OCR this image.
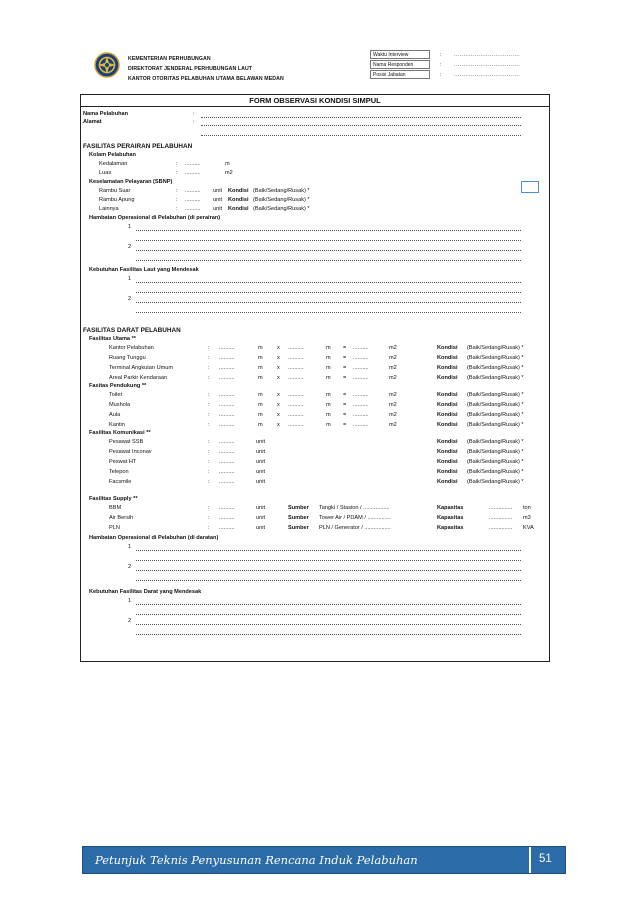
KEMENTERIAN PERHUBUNGAN
DIREKTORAT JENDERAL PERHUBUNGAN LAUT
KANTOR OTORITAS PELABUHAN UTAMA BELAWAN MEDAN
Waktu Interview	:	...................................
Nama Responden	:	...................................
Posisi Jabatan	:	...................................
FORM OBSERVASI KONDISI SIMPUL
Nama Pelabuhan	:
Alamat	:
FASILITAS PERAIRAN PELABUHAN
Kolam Pelabuhan
Kedalaman	: ..........	m
Luas	: ..........	m2
Keselamatan Pelayaran (SBNP)
Hambatan Operasional di Pelabuhan (di perairan)
1
2
Kebutuhan Fasilitas Laut yang Mendesak
1
2
FASILITAS DARAT PELABUHAN
Fasilitas Utama **
Fasitas Pendukung **
Fasilitas Komunikasi **
Fasilitas Supply **
Hambatan Operasional di Pelabuhan (di daratan)
1
2
Kebutuhan Fasilitas Darat yang Mendesak
1
2
Rambu Suar	: .......... unit Kondisi (Baik/Sedang/Rusak) *
Rambu Apung	: .......... unit Kondisi (Baik/Sedang/Rusak) *
Lainnya	: .......... unit Kondisi (Baik/Sedang/Rusak) *
Kantor Pelabuhan	: ..........	m	x ..........	m = ..........	m2	Kondisi (Baik/Sedang/Rusak) *
Ruang Tunggu	: ..........	m	x ..........	m = ..........	m2	Kondisi (Baik/Sedang/Rusak) *
Terminal Angkutan Umum	: ..........	m	x ..........	m = ..........	m2	Kondisi (Baik/Sedang/Rusak) *
Areal Parkir Kendaraan	: ..........	m	x ..........	m = ..........	m2	Kondisi (Baik/Sedang/Rusak) *
Toilet	: ..........	m	x ..........	m = ..........	m2	Kondisi (Baik/Sedang/Rusak) *
Mushola	: ..........	m	x ..........	m = ..........	m2	Kondisi (Baik/Sedang/Rusak) *
Aula	: ..........	m	x ..........	m = ..........	m2	Kondisi (Baik/Sedang/Rusak) *
Kantin	: ..........	m	x ..........	m = ..........	m2	Kondisi (Baik/Sedang/Rusak) *
Pesawat SSB	: ..........	unit	Kondisi (Baik/Sedang/Rusak) *
Pesawat Inconav	: ..........	unit	Kondisi (Baik/Sedang/Rusak) *
Peswat HT	: ..........	unit	Kondisi (Baik/Sedang/Rusak) *
Telepon	: ..........	unit	Kondisi (Baik/Sedang/Rusak) *
Facsmile	: ..........	unit	Kondisi (Baik/Sedang/Rusak) *
BBM	: ..........	unit	Sumber Tangki / Stasion / .................	Kapasitas	............... ton
Air Bersih	: ..........	unit	Sumber Tower Air / PDAM / ...............	Kapasitas	............... m3
PLN	: ..........	unit	Sumber PLN / Generator / .................	Kapasitas	............... KVA
Petunjuk Teknis Penyusunan Rencana Induk Pelabuhan	51
